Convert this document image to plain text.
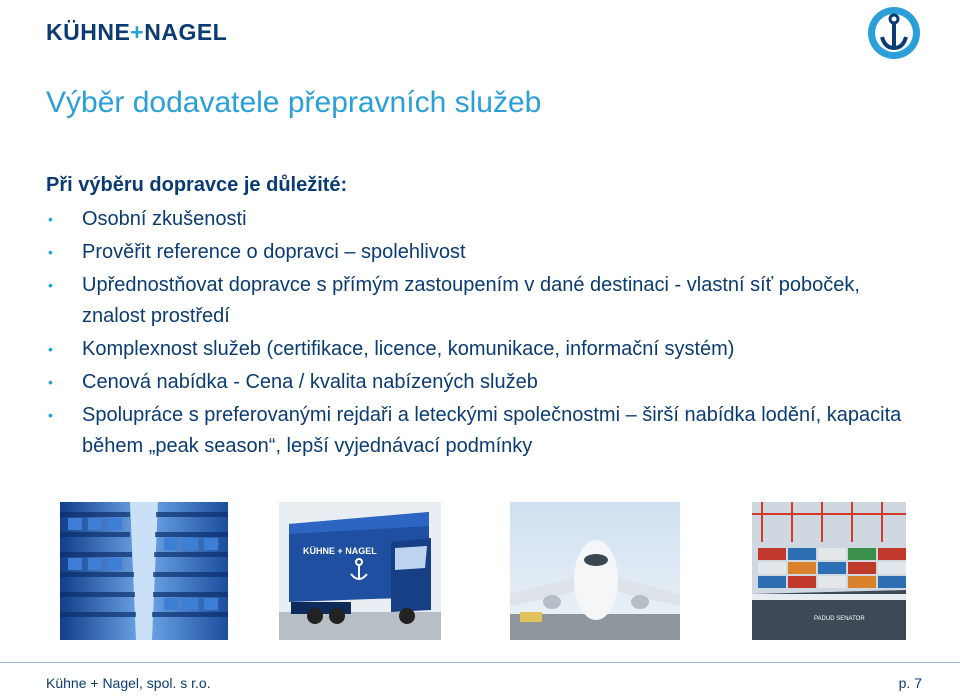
KÜHNE+NAGEL
Výběr dodavatele přepravních služeb
Při výběru dopravce je důležité:
• Osobní zkušenosti
• Prověřit reference o dopravci – spolehlivost
• Upřednostňovat dopravce s přímým zastoupením v dané destinaci - vlastní síť poboček, znalost prostředí
• Komplexnost služeb (certifikace, licence, komunikace, informační systém)
• Cenová nabídka - Cena / kvalita nabízených služeb
• Spolupráce s preferovanými rejdaři a leteckými společnostmi – širší nabídka lodění, kapacita během „peak season“, lepší vyjednávací podmínky
KÜHNE + NAGEL
PADUD SENATOR
Kühne + Nagel, spol. s r.o.	p. 7
